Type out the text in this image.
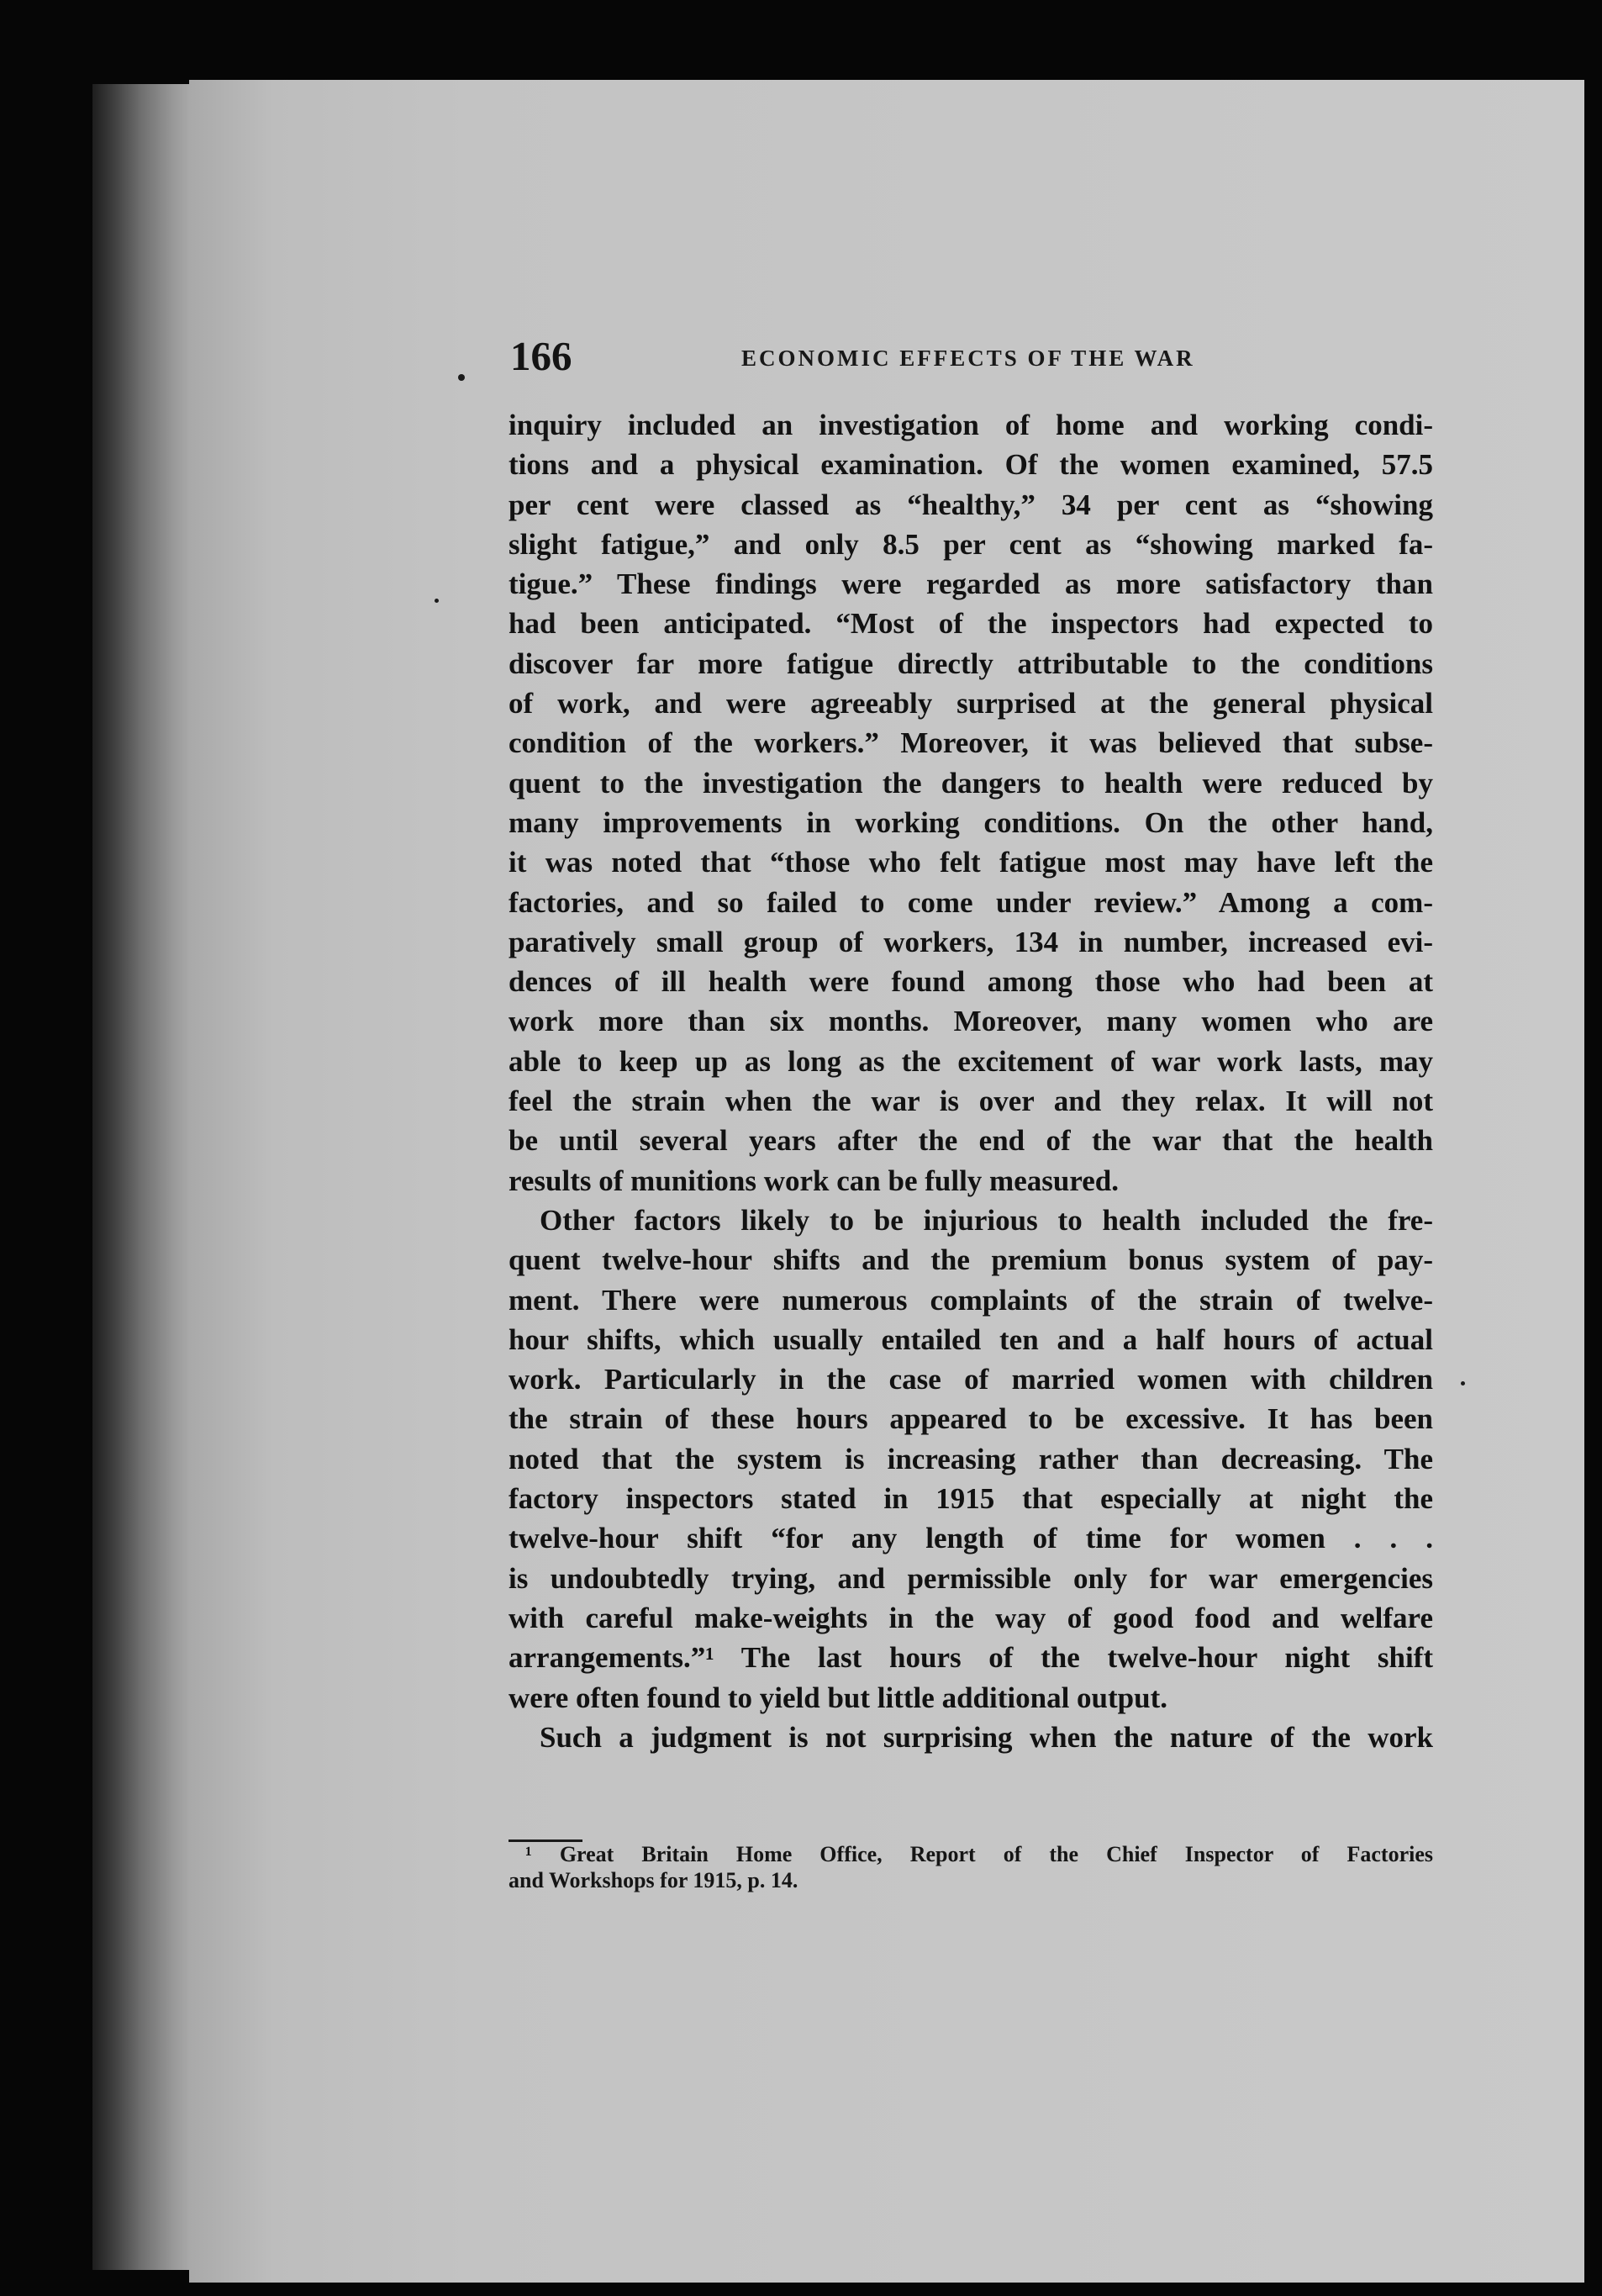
166	ECONOMIC EFFECTS OF THE WAR
inquiry included an investigation of home and working condi-
tions and a physical examination. Of the women examined, 57.5
per cent were classed as “healthy,” 34 per cent as “showing
slight fatigue,” and only 8.5 per cent as “showing marked fa-
tigue.” These findings were regarded as more satisfactory than
had been anticipated. “Most of the inspectors had expected to
discover far more fatigue directly attributable to the conditions
of work, and were agreeably surprised at the general physical
condition of the workers.” Moreover, it was believed that subse-
quent to the investigation the dangers to health were reduced by
many improvements in working conditions. On the other hand,
it was noted that “those who felt fatigue most may have left the
factories, and so failed to come under review.” Among a com-
paratively small group of workers, 134 in number, increased evi-
dences of ill health were found among those who had been at
work more than six months. Moreover, many women who are
able to keep up as long as the excitement of war work lasts, may
feel the strain when the war is over and they relax. It will not
be until several years after the end of the war that the health
results of munitions work can be fully measured.
Other factors likely to be injurious to health included the fre-
quent twelve-hour shifts and the premium bonus system of pay-
ment. There were numerous complaints of the strain of twelve-
hour shifts, which usually entailed ten and a half hours of actual
work. Particularly in the case of married women with children
the strain of these hours appeared to be excessive. It has been
noted that the system is increasing rather than decreasing. The
factory inspectors stated in 1915 that especially at night the
twelve-hour shift “for any length of time for women . . .
is undoubtedly trying, and permissible only for war emergencies
with careful make-weights in the way of good food and welfare
arrangements.”¹ The last hours of the twelve-hour night shift
were often found to yield but little additional output.
Such a judgment is not surprising when the nature of the work
¹ Great Britain Home Office, Report of the Chief Inspector of Factories
and Workshops for 1915, p. 14.
